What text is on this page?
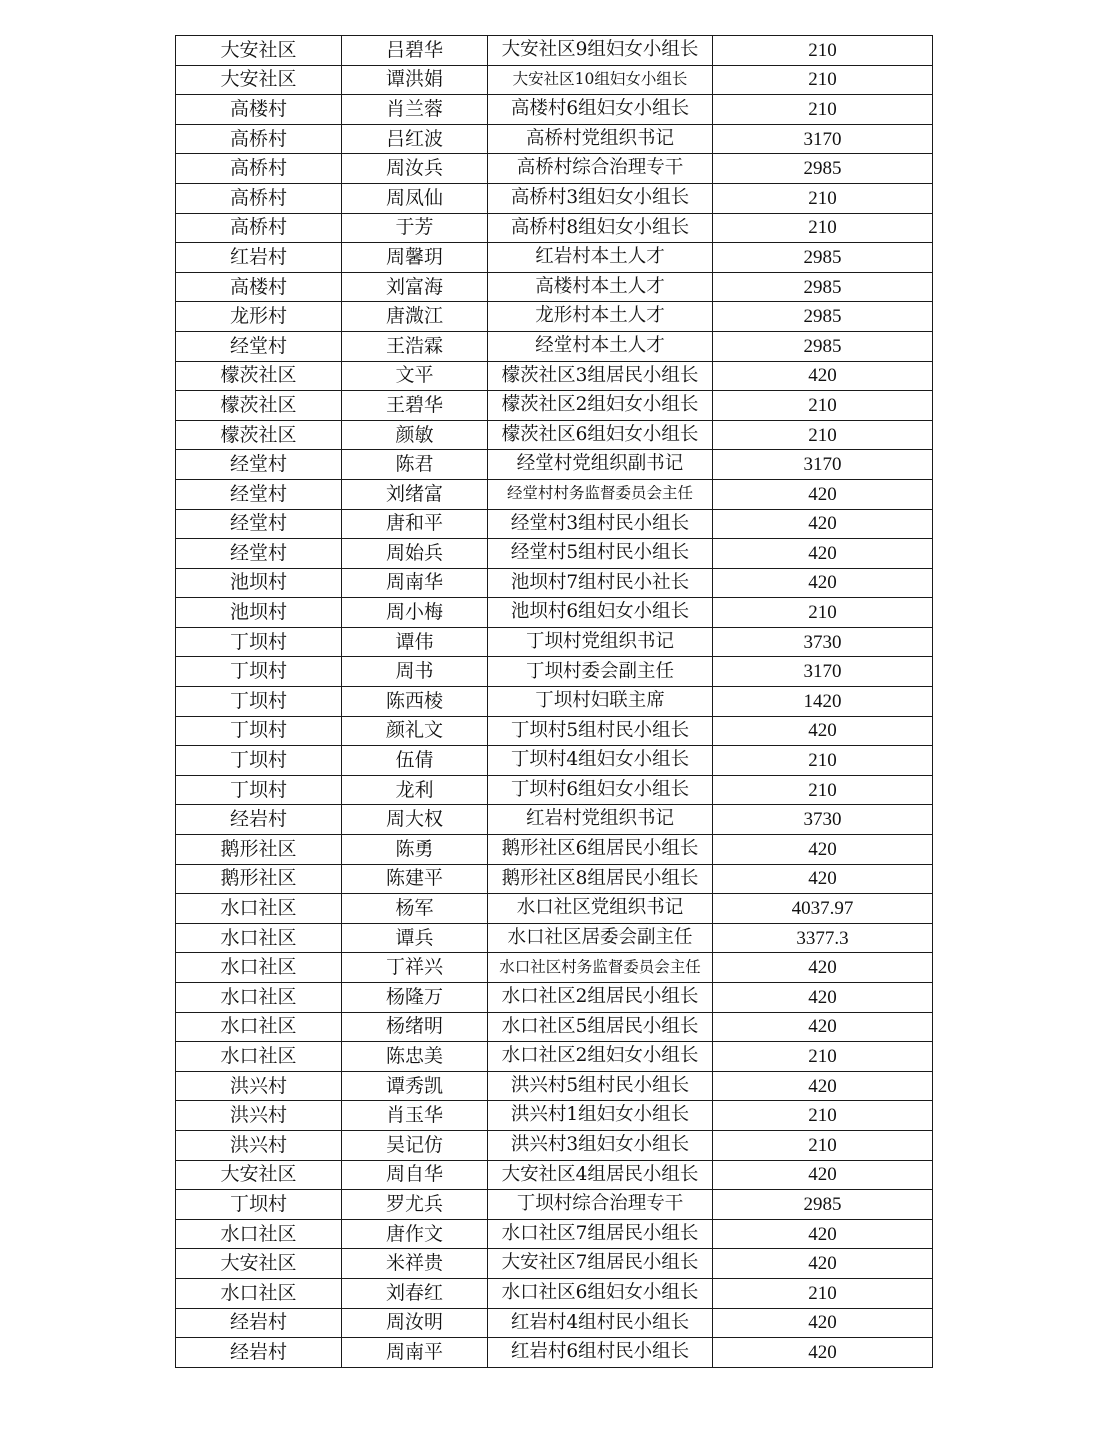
大安社区	吕碧华	大安社区9组妇女小组长	210
大安社区	谭洪娟	大安社区10组妇女小组长	210
高楼村	肖兰蓉	高楼村6组妇女小组长	210
高桥村	吕红波	高桥村党组织书记	3170
高桥村	周汝兵	高桥村综合治理专干	2985
高桥村	周凤仙	高桥村3组妇女小组长	210
高桥村	于芳	高桥村8组妇女小组长	210
红岩村	周馨玥	红岩村本土人才	2985
高楼村	刘富海	高楼村本土人才	2985
龙形村	唐溦江	龙形村本土人才	2985
经堂村	王浩霖	经堂村本土人才	2985
檬茨社区	文平	檬茨社区3组居民小组长	420
檬茨社区	王碧华	檬茨社区2组妇女小组长	210
檬茨社区	颜敏	檬茨社区6组妇女小组长	210
经堂村	陈君	经堂村党组织副书记	3170
经堂村	刘绪富	经堂村村务监督委员会主任	420
经堂村	唐和平	经堂村3组村民小组长	420
经堂村	周始兵	经堂村5组村民小组长	420
池坝村	周南华	池坝村7组村民小社长	420
池坝村	周小梅	池坝村6组妇女小组长	210
丁坝村	谭伟	丁坝村党组织书记	3730
丁坝村	周书	丁坝村委会副主任	3170
丁坝村	陈西棱	丁坝村妇联主席	1420
丁坝村	颜礼文	丁坝村5组村民小组长	420
丁坝村	伍倩	丁坝村4组妇女小组长	210
丁坝村	龙利	丁坝村6组妇女小组长	210
经岩村	周大权	红岩村党组织书记	3730
鹅形社区	陈勇	鹅形社区6组居民小组长	420
鹅形社区	陈建平	鹅形社区8组居民小组长	420
水口社区	杨军	水口社区党组织书记	4037.97
水口社区	谭兵	水口社区居委会副主任	3377.3
水口社区	丁祥兴	水口社区村务监督委员会主任	420
水口社区	杨隆万	水口社区2组居民小组长	420
水口社区	杨绪明	水口社区5组居民小组长	420
水口社区	陈忠美	水口社区2组妇女小组长	210
洪兴村	谭秀凯	洪兴村5组村民小组长	420
洪兴村	肖玉华	洪兴村1组妇女小组长	210
洪兴村	吴记仿	洪兴村3组妇女小组长	210
大安社区	周自华	大安社区4组居民小组长	420
丁坝村	罗尤兵	丁坝村综合治理专干	2985
水口社区	唐作文	水口社区7组居民小组长	420
大安社区	米祥贵	大安社区7组居民小组长	420
水口社区	刘春红	水口社区6组妇女小组长	210
经岩村	周汝明	红岩村4组村民小组长	420
经岩村	周南平	红岩村6组村民小组长	420
